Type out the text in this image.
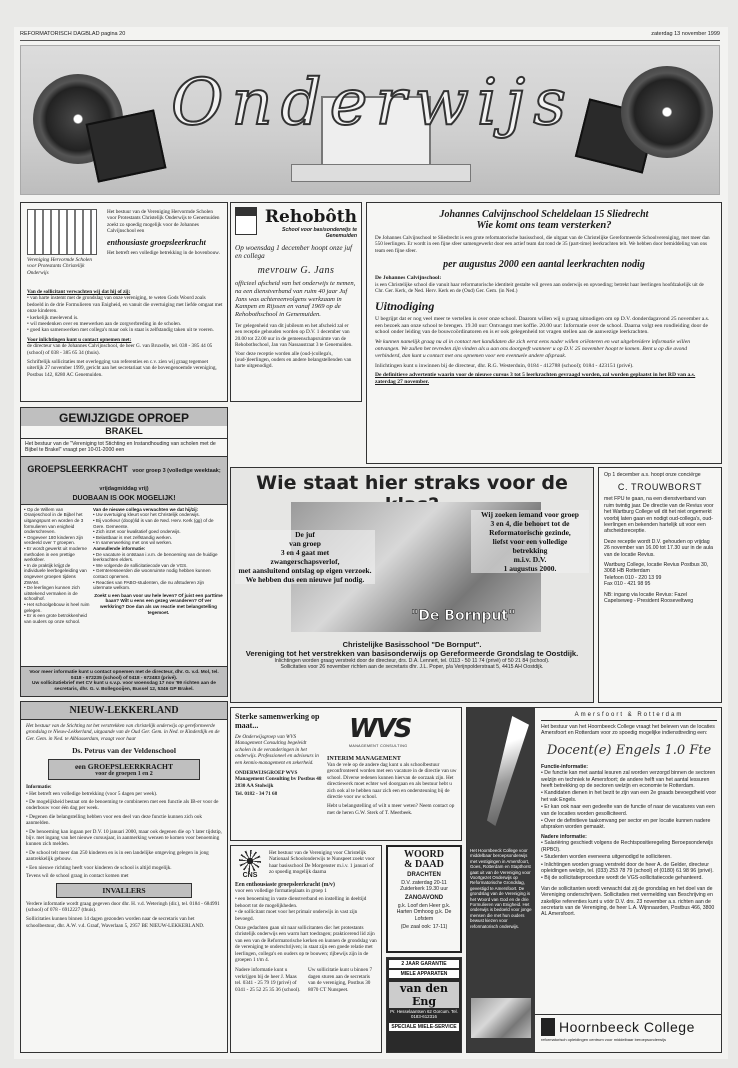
REFORMATORISCH DAGBLAD pagina 20	zaterdag 13 november 1999
Onderwijs
Vereniging Hervormde Scholen
voor Protestants Christelijk Onderwijs
Het bestuur van de Vereniging Hervormde Scholen voor Protestants Christelijk Onderwijs te Genemuiden zoekt zo spoedig mogelijk voor de Johannes Calvijnschool een
enthousiaste groepsleerkracht
Het betreft een volledige betrekking in de bovenbouw.
Van de sollicitant verwachten wij dat hij of zij:
• van harte instemt met de grondslag van onze vereniging, te weten Gods Woord zoals bedoeld in de drie Formulieren van Enigheid, en vanuit die overtuiging met liefde omgaat met onze kinderen.
• kerkelijk meelevend is.
• wil meedenken over en meewerken aan de zorgverbreding in de scholen.
• goed kan samenwerken met collega's maar ook in staat is zelfstandig taken uit te voeren.
Voor inlichtingen kunt u contact opnemen met:
de directeur van de Johannes Calvijnschool, de heer G. van Bruxelle, tel. 038 - 385 44 05 (school) of 038 - 385 65 34 (thuis).
Schriftelijk sollicitaties met overlegging van referenties en c.v. zien wij graag tegemoet uiterlijk 27 november 1999, gericht aan het secretariaat van de bovengenoemde vereniging, Postbus 142, 8280 AC Genemuiden.
Rehobôth
School voor basisonderwijs te Genemuiden
Op woensdag 1 december hoopt onze juf en collega
mevrouw G. Jans
officieel afscheid van het onderwijs te nemen, na een dienstverband van ruim 40 jaar Juf Jans was achtereenvolgens werkzaam in Kampen en Rijssen en vanaf 1969 op de Rehobothschool in Genemuiden.
Ter gelegenheid van dit jubileum en het afscheid zal er een receptie gehouden worden op D.V. 1 december van 20.00 tot 22.00 uur in de gemeenschapsruimte van de Rehobothschool, Jan van Nassaustraat 3 te Genemuiden.
Voor deze receptie worden alle (oud-)collega's, (oud-)leerlingen, ouders en andere belangstellenden van harte uitgenodigd.
Johannes Calvijnschool Scheldelaan 15 Sliedrecht
Wie komt ons team versterken?
De Johannes Calvijnschool te Sliedrecht is een grote reformatorische basisschool, die uitgaat van de Christelijke Gereformeerde Schoolvereniging, met meer dan 550 leerlingen. Er wordt in een fijne sfeer samengewerkt door een actief team dat rond de 35 (part-time) leerkrachten telt. We hebben door bemiddeling van ons team een fijne sfeer.
per augustus 2000 een aantal leerkrachten nodig
De Johannes Calvijnschool:
is een Christelijke school die vanuit haar reformatorische identiteit gestalte wil geven aan onderwijs en opvoeding; betrekt haar leerlingen hoofdzakelijk uit de Chr. Ger. Kerk, de Ned. Herv. Kerk en de (Oud) Ger. Gem. (in Ned.)
Uitnodiging
U begrijpt dat er nog veel meer te vertellen is over onze school. Daarom willen wij u graag uitnodigen om op D.V. donderdagavond 25 november a.s. een bezoek aan onze school te brengen. 19.30 uur: Ontvangst met koffie. 20.00 uur: Informatie over de school. Daarna volgt een rondleiding door de school onder leiding van de bouwcoördinatoren en is er ook gelegenheid tot vragen stellen aan de aanwezige leerkrachten.
We kunnen namelijk graag nu al in contact met kandidaten die zich eerst eens nader willen oriënteren en wat uitgebreidere informatie willen ontvangen. We zullen het tevreden zijn vinden als u aan ons doorgeeft wanneer u op D.V. 25 november hoopt te komen. Bent u op die avond verhinderd, dan kunt u contact met ons opnemen voor een eventuele andere afspraak.
Inlichtingen kunt u inwinnen bij de directeur, dhr. R.G. Westerduin, 0184 - 412788 (school); 0184 - 423151 (privé).
De definitieve advertentie waarin voor de nieuwe cursus 3 tot 5 leerkrachten gevraagd worden, zal worden geplaatst in het RD van a.s. zaterdag 27 november.
GEWIJZIGDE OPROEP
BRAKEL
Het bestuur van de "Vereniging tot Stichting en Instandhouding van scholen met de Bijbel te Brakel" vraagt per 10-01-2000 een
GROEPSLEERKRACHT voor groep 3 (volledige weektaak; vrijdagmiddag vrij)
DUOBAAN IS OOK MOGELIJK!
• Op de Willem van Oranjeschool in de Bijbel het uitgangspunt en worden de 3 formulieren van enigheid onderschreven.
• Ongeveer 180 kinderen zijn verdeeld over 7 groepen.
• Er wordt gewerkt uit moderne methoden in een prettige werksfeer.
• In de praktijk krijgt de individuele leerbegeleiding van ongeveer groepen tijdens ZWAM.
• De leerlingen kunnen zich uitstekend vermaken in de schoolhof.
• Het schoolgebouw is heel ruim gelegen.
• Er is een grote betrokkenheid van ouders op onze school.
Van de nieuwe collega verwachten we dat hij/zij:
• Uw overtuiging kleurt voor het Christelijk onderwijs.
• Bij voorkeur (doop)lid is van de Ned. Herv. Kerk (gg) of de Gere. Gemeente.
• Zich inzet voor kwalitatief goed onderwijs.
• Belastbaar is met zelfstandig werken.
• In samenwerking met ons wil werken.
Aanvullende informatie:
• De vacature is ontstaan i.v.m. de benoeming van de huidige leerkrachten elders.
• We volgende de sollicitatiecode van de VGS.
• Geïnteresseerden die woonruimte nodig hebben kunnen contact opnemen.
• Reacties van PABO-studenten, die nu afstuderen zijn uitermate welkom.
Zoekt u een baan voor uw hele leven? Of juist een parttime baan? Wilt u eens een gezeg veranderen? Of ver werkkring? Doe dan als uw reactie met belangstelling tegemoet.
Voor meer informatie kunt u contact opnemen met de directeur, dhr. G. v.d. Mol, tel. 0418 - 672235 (school) of 0418 - 672483 (privé).
Uw sollicitatiebrief met CV kunt u s.v.p. voor woensdag 17 nov '99 richten aan de secretaris, dhr. G. v. Bollegooijen, Bussel 12, 5346 GP Brakel.
Wie staat hier straks voor de
De juf
van groep
3 en 4 gaat met
zwangerschapsverlof,
met aansluitend ontslag op eigen verzoek.
We hebben dus een nieuwe juf nodig.
Wij zoeken iemand voor groep
3 en 4, die behoort tot de
Reformatorische gezinde,
liefst voor een volledige
betrekking
m.i.v. D.V.
1 augustus 2000.
"De Bornput"
Christelijke Basisschool "De Bornput".
Vereniging tot het verstrekken van basisonderwijs op Gereformeerde Grondslag te Oostdijk.
Inlichtingen worden graag verstrekt door de directeur, drs. D.A. Lennert, tel. 0113 - 50 11 74 (privé) of 50 21 84 (school).
Sollicitaties voor 26 november richten aan de secretaris dhr. J.L. Poper, p/a Verijnpolderstraat 5, 4415 AH Oostdijk.
Op 1 december a.s. hoopt onze conciërge
C. TROUWBORST
met FPU te gaan, na een dienstverband van ruim twintig jaar. De directie van de Revius voor het Wartburg College wil dit het niet ongemerkt voorbij laten gaan en nodigt oud-collega's, oud-leerlingen en bekenden hartelijk uit voor een afscheidsreceptie.
Deze receptie wordt D.V. gehouden op vrijdag 26 november van 16.00 tot 17.30 uur in de aula van de locatie Revius.
Wartburg College, locatie Revius Postbus 30, 3068 HB Rotterdam
Telefoon 010 - 220 13 99
Fax 010 - 421 98 95
NB: ingang via locatie Revius: Fazel Capelseweg - President Rooseveltweg
NIEUW-LEKKERLAND
Het bestuur van de Stichting tot het verstrekken van christelijk onderwijs op gereformeerde grondslag te Nieuw-Lekkerland, uitgaande van de Oud Ger. Gem. in Ned. te Kinderdijk en de Ger. Gem. in Ned. te Alblasserdam, vraagt voor haar
Ds. Petrus van der Veldenschool
een GROEPSLEERKRACHT
voor de groepen 1 en 2
Informatie:
• Het betreft een volledige betrekking (voor 5 dagen per week).
• De mogelijkheid bestaat om de benoeming te combineren met een functie als IB-er voor de onderbouw voor één dag per week.
• Degenen die belangstelling hebben voor een deel van deze functie kunnen zich ook aanmelden.
• De benoeming kan ingaan per D.V. 10 januari 2000, maar ook degenen die op 't later tijdstip, bijv. met ingang van het nieuwe cursusjaar, in aanmerking wensen te komen voor benoeming kunnen zich melden.
• De school telt meer dan 250 kinderen en is in een landelijke omgeving gelegen in jong aantrekkelijk gebouw.
• Een nieuwe richting heeft voor kinderen de school is altijd mogelijk.
Tevens wil de school graag in contact komen met
INVALLERS
Verdere informatie wordt graag gegeven door dhr. H. v.d. Weteringh (dir.), tel. 0184 - 684991 (school) of 078 - 6912227 (thuis).
Sollicitaties kunnen binnen 14 dagen gezonden worden naar de secretaris van het schoolbestuur, dhr. A.W. v.d. Graaf, Waverlaan 5, 2957 BE NIEUW-LEKKERLAND.
Sterke samenwerking op maat...
De Onderwijsgroep van WVS Management Consulting begeleidt scholen in de veranderingen in het onderwijs. Professioneel en adviseurs in een kennis-management en zekerheid.
ONDERWIJSGROEP WVS Management Consulting bv Postbus 48 2830 AA Stolwijk
Tel. 0182 - 34 71 68
WVS
MANAGEMENT CONSULTING
INTERIM MANAGEMENT
Van de vele op de andere dag kunt u als schoolbestuur geconfronteerd worden met een vacature in de directie van uw school. Diverse redenen kunnen hiervan de oorzaak zijn. Het directiewerk moet echter wel doorgaan en als bestuur hebt u zich ook al te hebben naar zich een en ondersteuning bij de directie voor uw school.
Hebt u belangstelling of wilt u meer weten? Neem contact op met de heren G.W. Sterk of T. Meerbeek.
CNS
Het bestuur van de Vereniging voor Christelijk Nationaal Schoolonderwijs te Nunspeet zoekt voor haar basisschool De Morgenster m.i.v. 1 januari of zo spoedig mogelijk daarna
Een enthousiaste groepsleerkracht (m/v)
voor een volledige formatieplaats in groep 1
• een benoeming in vaste dienstverband en instelling in deeltijd behoort tot de mogelijkheden.
• de sollicitant moet voor het primair onderwijs in vast zijn bevoegd.
Onze gedachten gaan uit naar sollicitanten die: het protestants christelijk onderwijs een warm hart toedragen; prakticerend lid zijn van een van de Reformatorische kerken en kunnen de grondslag van de vereniging te onderschrijven; in staat zijn een goede relatie met leerlingen, collega's en ouders op te bouwen; rijbewijs zijn in de groepen 1 t/m 4.
Nadere informatie kunt u verkrijgen bij de heer J. Maas tel. 0341 - 25 79 19 (privé) of 0341 - 25 52 25 35 36 (school).
Uw sollicitatie kunt u binnen 7 dagen sturen aan de secretaris van de vereniging, Postbus 30 8070 CT Nunspeet.
WOORD
& DAAD
DRACHTEN
D.V. zaterdag 20-11 Zuiderkerk 19.30 uur
ZANGAVOND
g.k. Loof den Heer g.k. Harten Omhoog g.k. De Lofstem
(De zaal ook: 17-11)
2 JAAR GARANTIE
MIELE APPARATEN
van den Eng
Pr. Hesselaantsen 62 Gorcum. Tel. 0183-612316
SPECIALE MIELE-SERVICE
Het Hoornbeeck College voor middelbaar beroepsonderwijs met vestigingen in Amersfoort, Goes, Rotterdam en Stapthorst gaat uit van de Vereniging voor Voortgezet Onderwijs op Reformatorische Grondslag, gevestigd te Amersfoort. De grondslag van de Vereniging is het Woord van God en de drie Formulieren van Enigheid. Het onderwijs is bedoeld voor jonge mensen die met hun ouders bewust kiezen voor reformatorisch onderwijs.
Amersfoort & Rotterdam
Het bestuur van het Hoornbeeck College vraagt het beleven van de locaties Amersfoort en Rotterdam voor zo spoedig mogelijke indiensttreding een:
Docent(e) Engels 1.0 Fte
Functie-informatie:
• De functie kan met aantal lesuren zal worden verzorgd binnen de sectoren welzijn en techniek te Amersfoort; de andere helft van het aantal lessuren heeft betrekking op de sectoren welzijn en economie te Rotterdam.
• Kandidaten dienen in het bezit te zijn van een 2e graads bevoegdheid voor het vak Engels.
• Er kan ook naar een gedeelte van de functie of naar de vacatures van een van de locaties worden gesolliciteerd.
• Over de definitieve taakomvang per sector en per locatie kunnen nadere afspraken worden gemaakt.
Nadere informatie:
• Salariëring geschiedt volgens de Rechtspositieregeling Beroepsonderwijs (RPBO).
• Studenten worden eveneens uitgenodigd te solliciteren.
• Inlichtingen worden graag verstrekt door de heer A. de Gelder, directeur opleidingen welzijn, tel. (033) 253 78 79 (school) of (0180) 61 98 96 (privé).
• Bij de sollicitatieprocedure wordt de VGS-sollicitatiecode gehanteerd.
Van de sollicitanten wordt verwacht dat zij de grondslag en het doel van de Vereniging onderschrijven. Sollicitaties met vermelding van Beschrijving en zakelijke referenties kunt u vóór D.V. drs. 23 november a.s. richten aan de secretaris van de Vereniging, de heer L.A. Wijnnaarden, Postbus 466, 3800 AL Amersfoort.
Hoornbeeck College
reformatorisch opleidingen centrum voor middelbaar beroepsonderwijs
